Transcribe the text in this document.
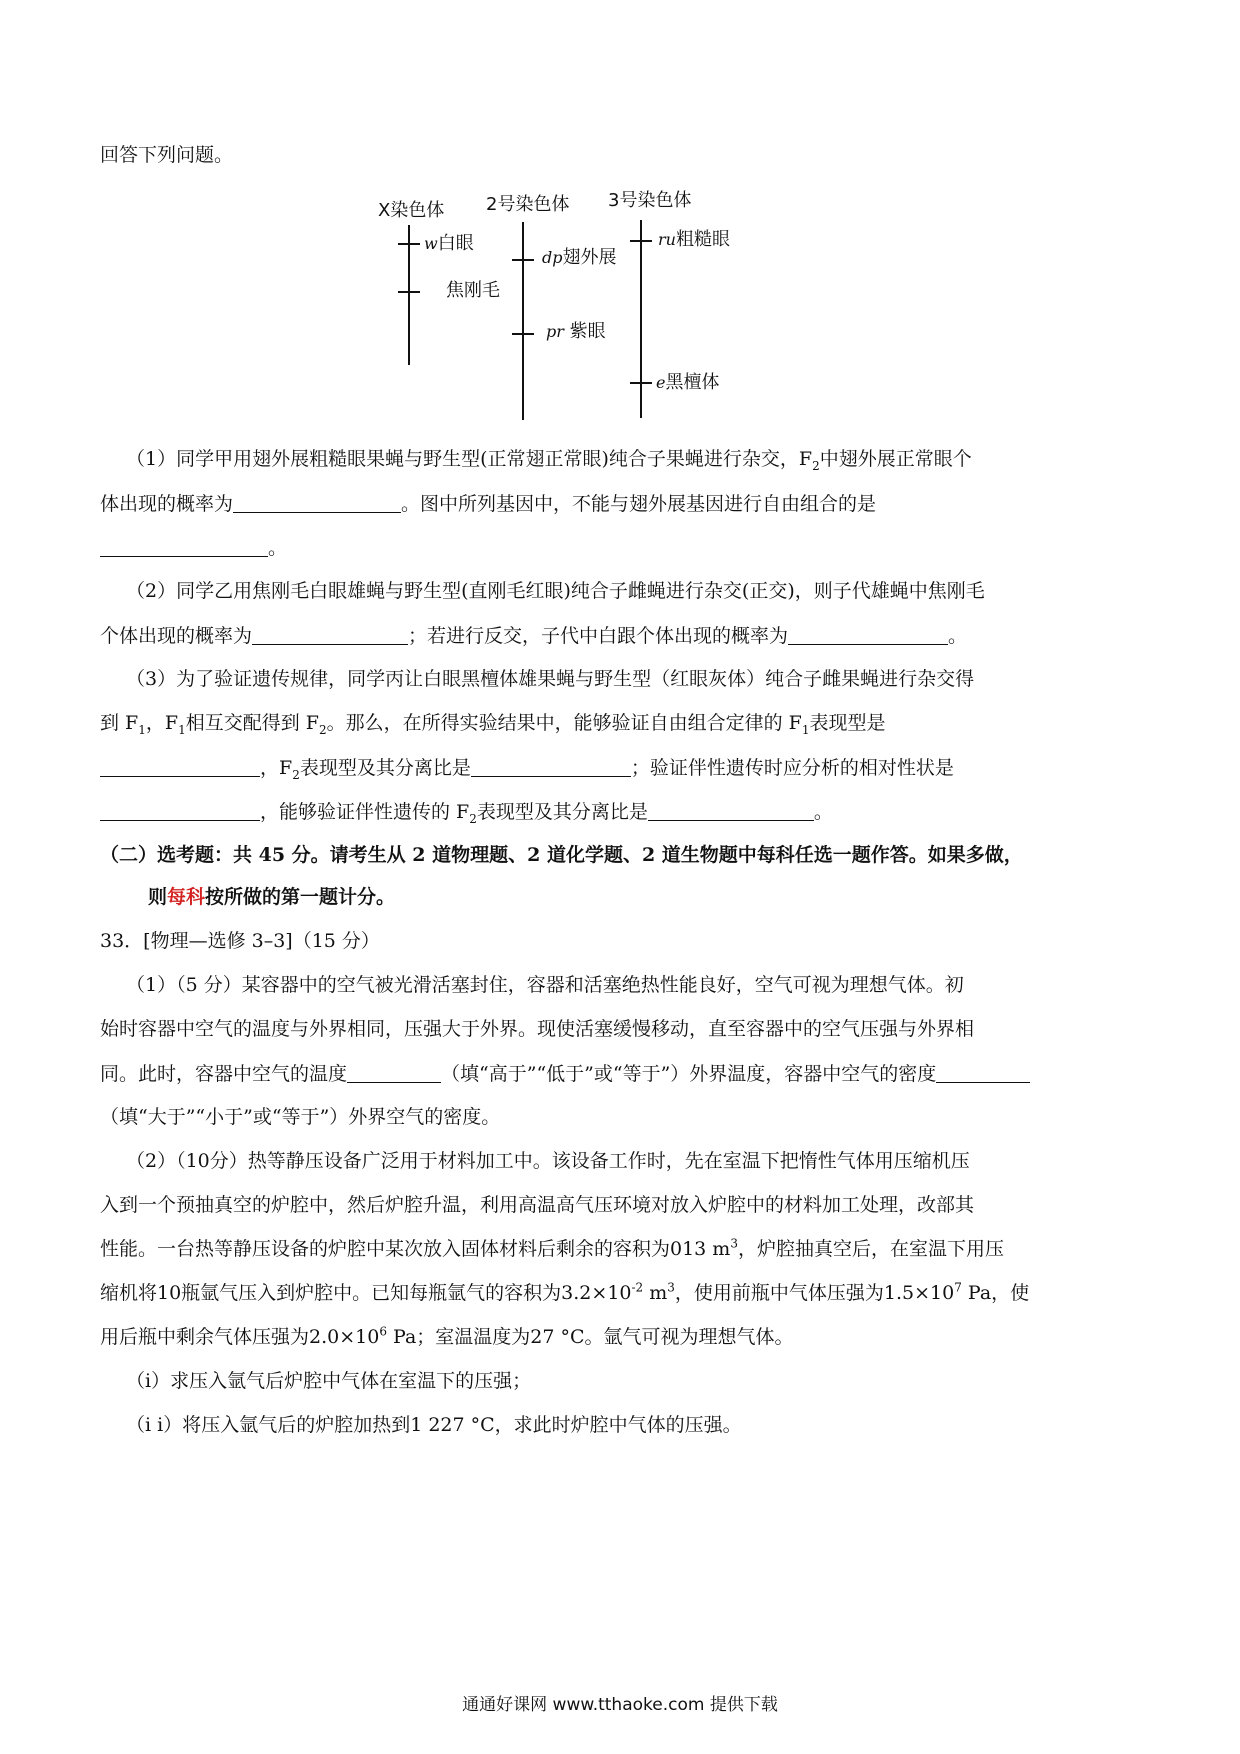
回答下列问题。
X染色体
w白眼
焦刚毛
2号染色体
dp翅外展
pr 紫眼
3号染色体
ru粗糙眼
e黑檀体
（1）同学甲用翅外展粗糙眼果蝇与野生型(正常翅正常眼)纯合子果蝇进行杂交，$F_2$中翅外展正常眼个
体出现的概率为	。图中所列基因中，不能与翅外展基因进行自由组合的是
。
（2）同学乙用焦刚毛白眼雄蝇与野生型(直刚毛红眼)纯合子雌蝇进行杂交(正交)，则子代雄蝇中焦刚毛
个体出现的概率为	；若进行反交，子代中白跟个体出现的概率为	。
（3）为了验证遗传规律，同学丙让白眼黑檀体雄果蝇与野生型（红眼灰体）纯合子雌果蝇进行杂交得
到 $F_1$，$F_1$相互交配得到 $F_2$。那么，在所得实验结果中，能够验证自由组合定律的 $F_1$表现型是
，$F_2$表现型及其分离比是	；验证伴性遗传时应分析的相对性状是
，能够验证伴性遗传的 $F_2$表现型及其分离比是	。
（二）选考题：共 45 分。请考生从 2 道物理题、2 道化学题、2 道生物题中每科任选一题作答。如果多做，
则每科按所做的第一题计分。
33．[物理—选修 3–3]（15 分）
（1）（5 分）某容器中的空气被光滑活塞封住，容器和活塞绝热性能良好，空气可视为理想气体。初
始时容器中空气的温度与外界相同，压强大于外界。现使活塞缓慢移动，直至容器中的空气压强与外界相
同。此时，容器中空气的温度	（填“高于”“低于”或“等于”）外界温度，容器中空气的密度
（填“大于”“小于”或“等于”）外界空气的密度。
（2）（10分）热等静压设备广泛用于材料加工中。该设备工作时，先在室温下把惰性气体用压缩机压
入到一个预抽真空的炉腔中，然后炉腔升温，利用高温高气压环境对放入炉腔中的材料加工处理，改部其
性能。一台热等静压设备的炉腔中某次放入固体材料后剩余的容积为013 $m^3$，炉腔抽真空后，在室温下用压
缩机将10瓶氩气压入到炉腔中。已知每瓶氩气的容积为$3.2\times 10^{-2}$ $m^3$，使用前瓶中气体压强为$1.5\times 10^7$ Pa，使
用后瓶中剩余气体压强为$2.0\times 10^6$ Pa；室温温度为27 °C。氩气可视为理想气体。
（i）求压入氩气后炉腔中气体在室温下的压强；
（i i）将压入氩气后的炉腔加热到1 227 °C，求此时炉腔中气体的压强。
通通好课网 www.tthaoke.com 提供下载
